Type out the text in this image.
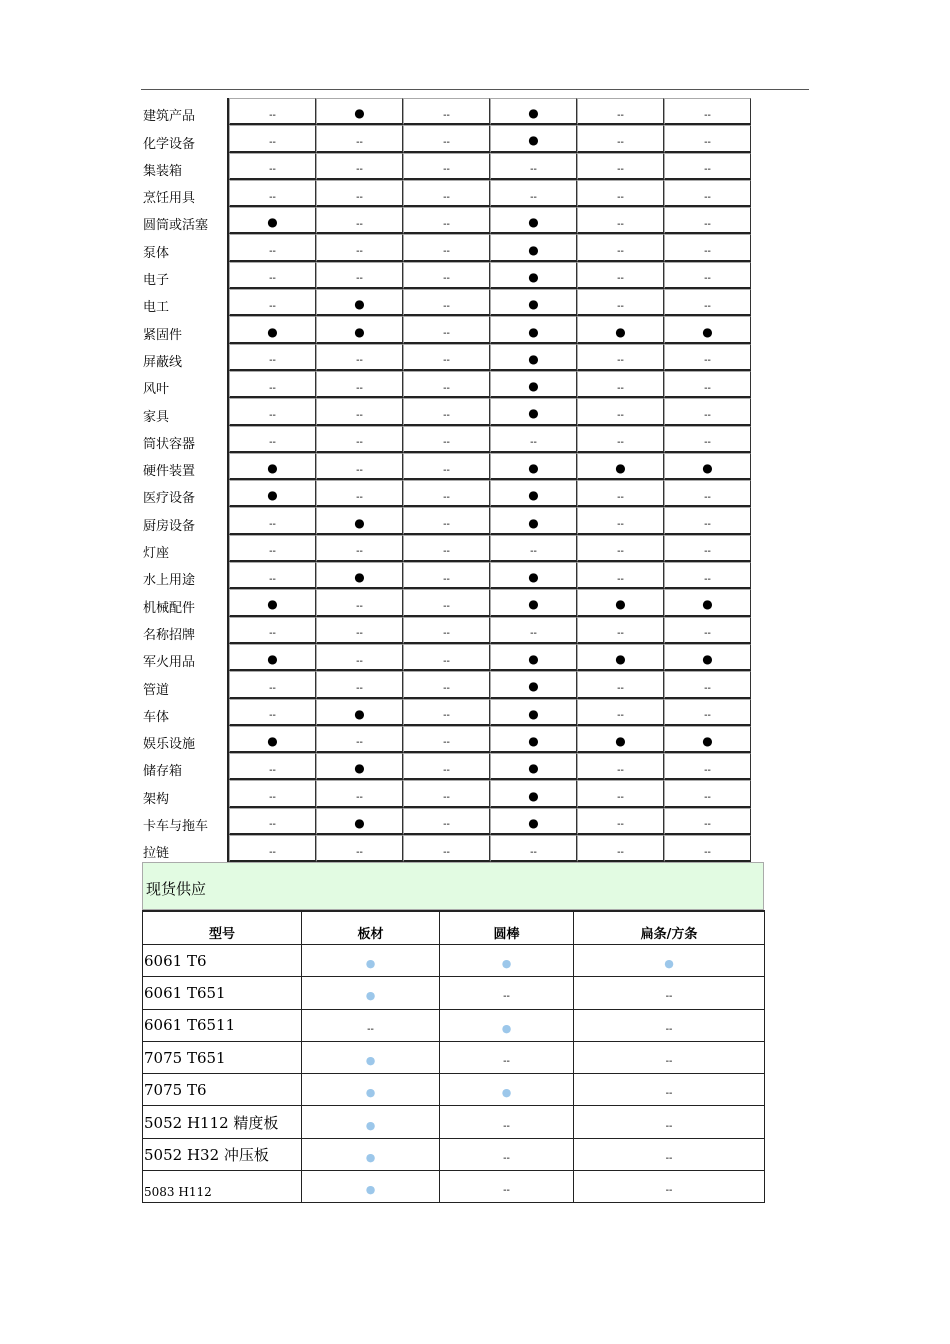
建筑产品	--	●	--	●	--	--
化学设备	--	--	--	●	--	--
集装箱	--	--	--	--	--	--
烹饪用具	--	--	--	--	--	--
圆筒或活塞	●	--	--	●	--	--
泵体	--	--	--	●	--	--
电子	--	--	--	●	--	--
电工	--	●	--	●	--	--
紧固件	●	●	--	●	●	●
屏蔽线	--	--	--	●	--	--
风叶	--	--	--	●	--	--
家具	--	--	--	●	--	--
筒状容器	--	--	--	--	--	--
硬件装置	●	--	--	●	●	●
医疗设备	●	--	--	●	--	--
厨房设备	--	●	--	●	--	--
灯座	--	--	--	--	--	--
水上用途	--	●	--	●	--	--
机械配件	●	--	--	●	●	●
名称招牌	--	--	--	--	--	--
军火用品	●	--	--	●	●	●
管道	--	--	--	●	--	--
车体	--	●	--	●	--	--
娱乐设施	●	--	--	●	●	●
储存箱	--	●	--	●	--	--
架构	--	--	--	●	--	--
卡车与拖车	--	●	--	●	--	--
拉链	--	--	--	--	--	--
现货供应
型号	板材	圆棒	扁条/方条
6061 T6	●	●	●
6061 T651	●	--	--
6061 T6511	--	●	--
7075 T651	●	--	--
7075 T6	●	●	--
5052 H112 精度板	●	--	--
5052 H32 冲压板	●	--	--
5083 H112	●	--	--
